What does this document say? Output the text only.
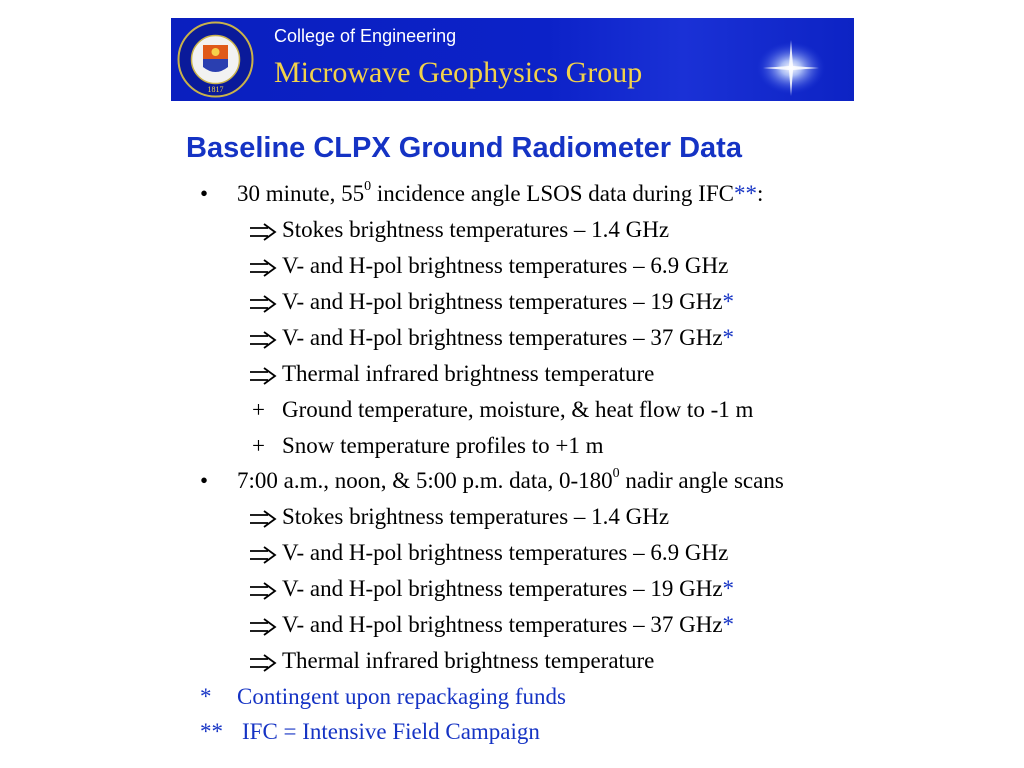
1817
College of Engineering
Microwave Geophysics Group
Baseline CLPX Ground Radiometer Data
• 30 minute, $55^0$ incidence angle LSOS data during IFC**:
Stokes brightness temperatures – 1.4 GHz
V- and H-pol brightness temperatures – 6.9 GHz
V- and H-pol brightness temperatures – 19 GHz*
V- and H-pol brightness temperatures – 37 GHz*
Thermal infrared brightness temperature
+ Ground temperature, moisture, & heat flow to -1 m
+ Snow temperature profiles to +1 m
• 7:00 a.m., noon, & 5:00 p.m. data, $0-180^0$ nadir angle scans
Stokes brightness temperatures – 1.4 GHz
V- and H-pol brightness temperatures – 6.9 GHz
V- and H-pol brightness temperatures – 19 GHz*
V- and H-pol brightness temperatures – 37 GHz*
Thermal infrared brightness temperature
* Contingent upon repackaging funds
** IFC = Intensive Field Campaign
